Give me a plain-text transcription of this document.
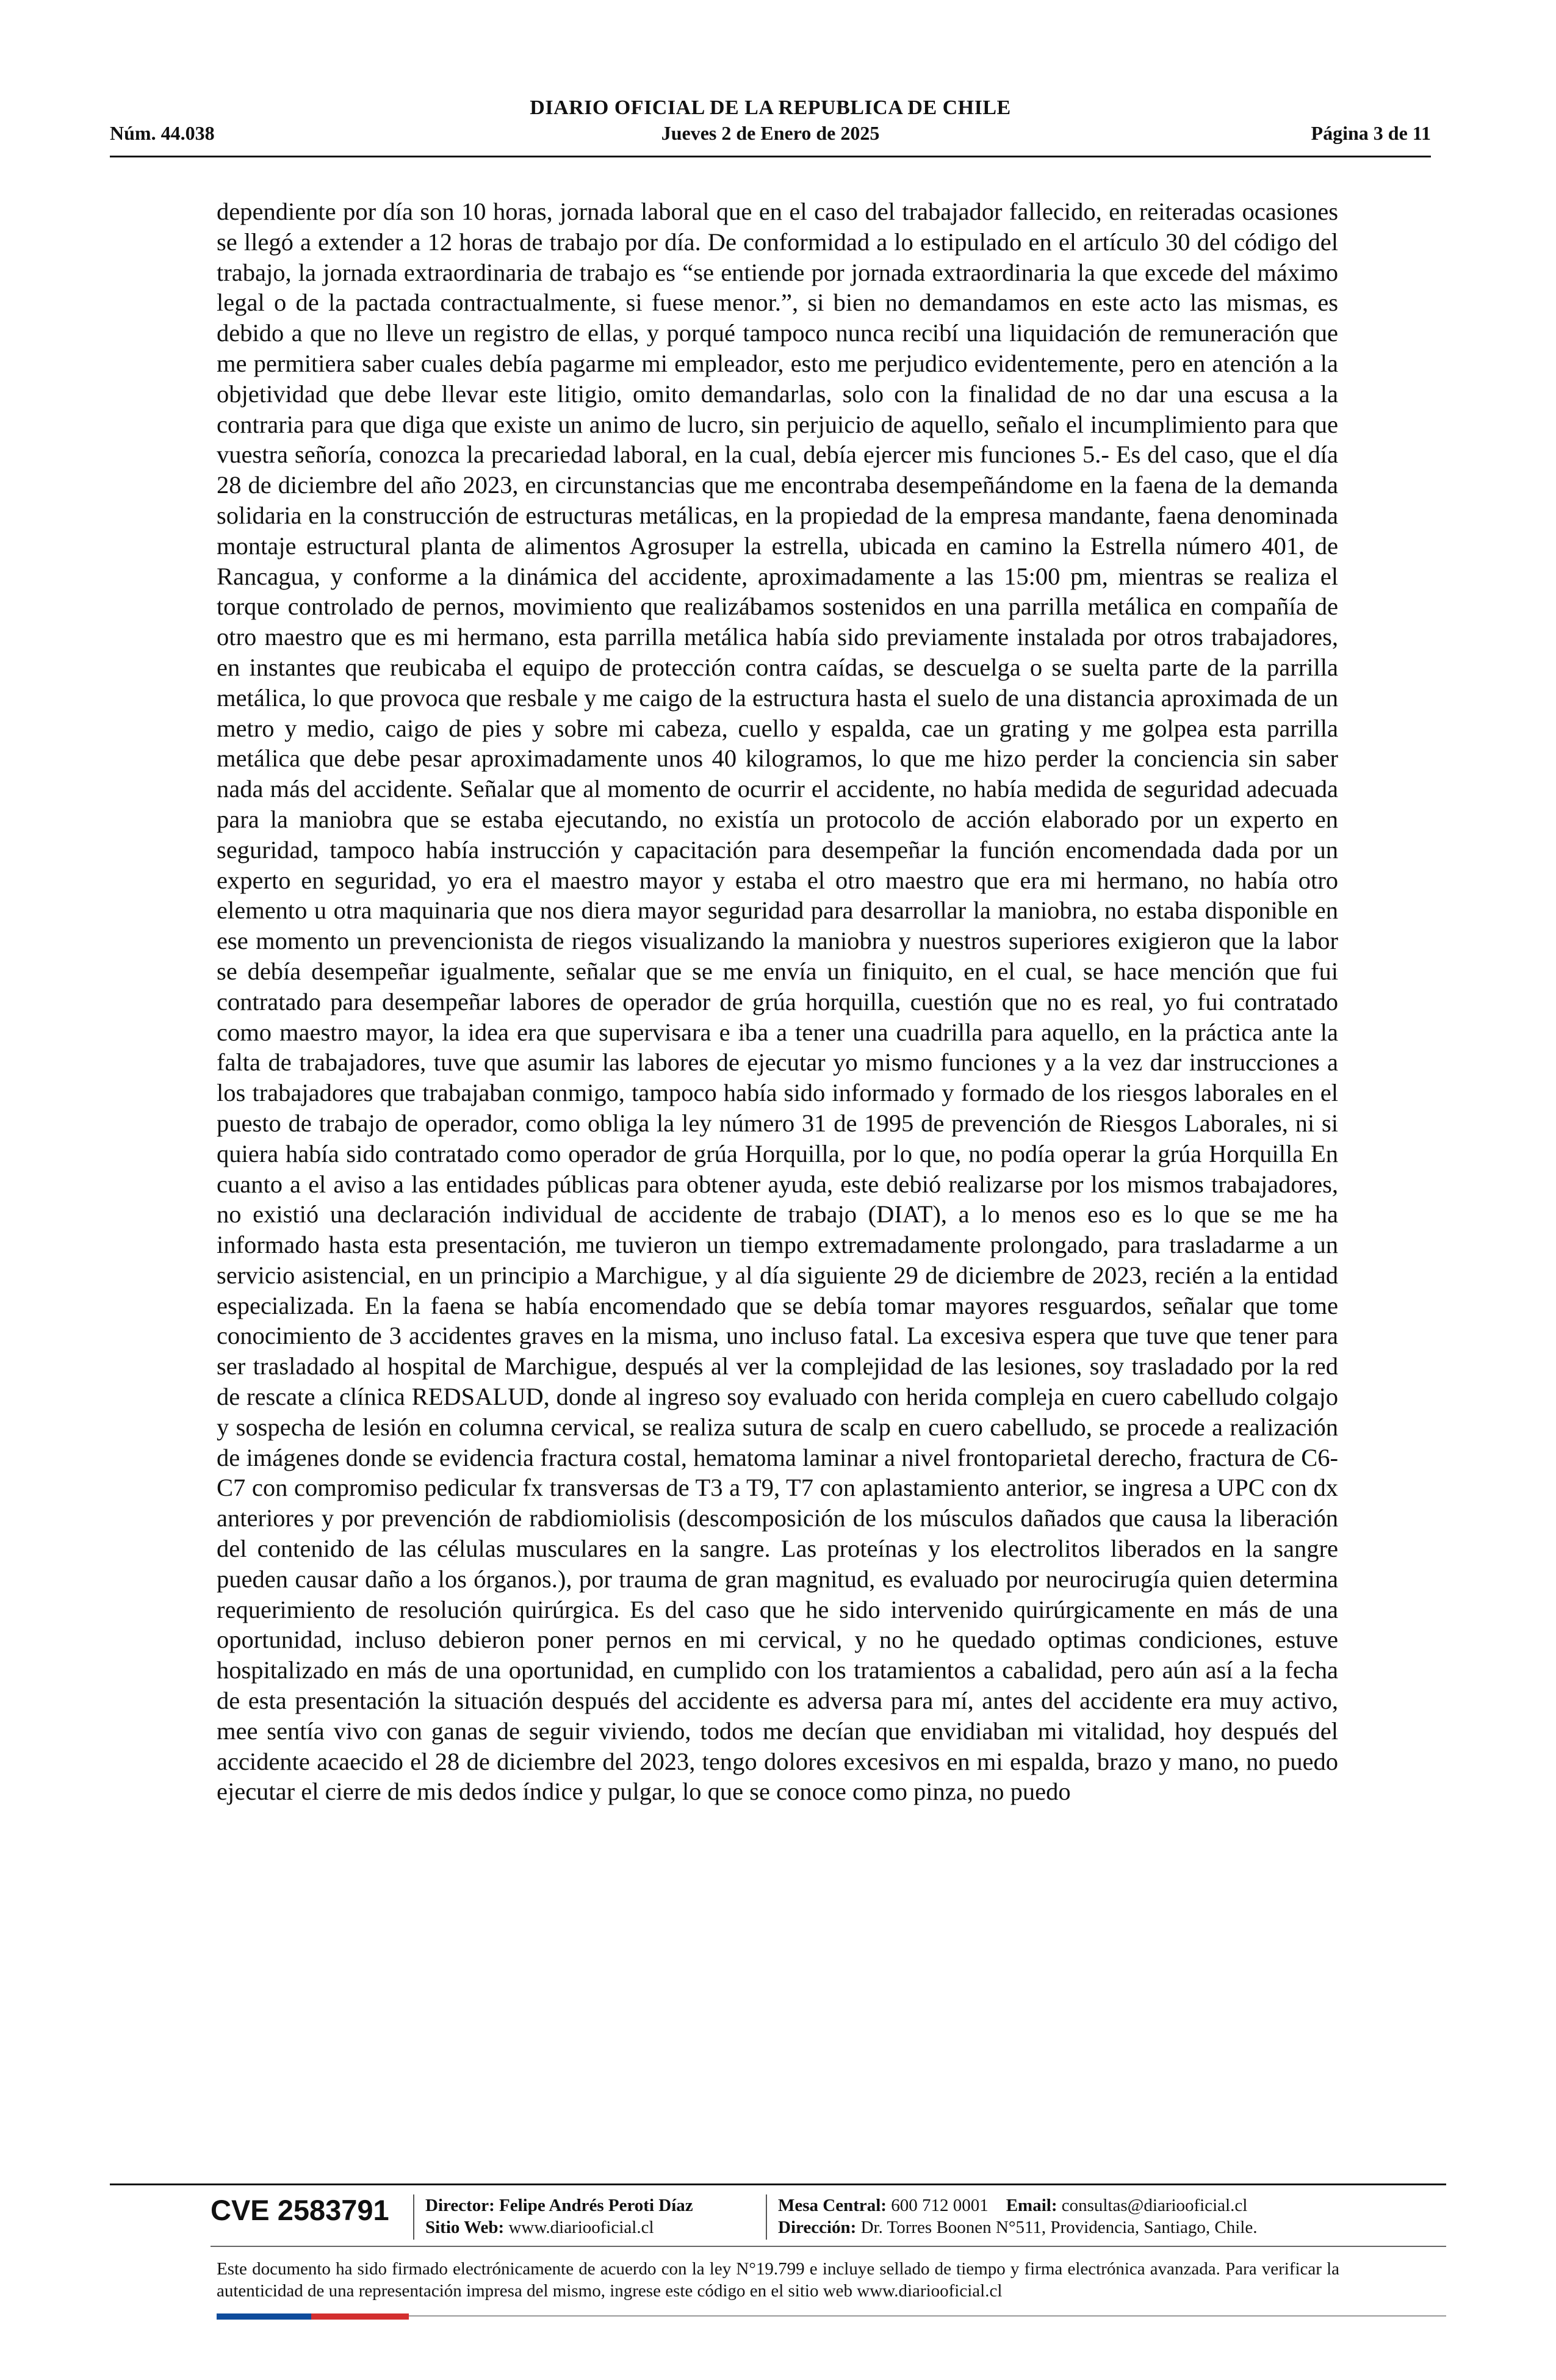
DIARIO OFICIAL DE LA REPUBLICA DE CHILE
Núm. 44.038	Jueves 2 de Enero de 2025	Página 3 de 11

dependiente por día son 10 horas, jornada laboral que en el caso del trabajador fallecido, en reiteradas ocasiones se llegó a extender a 12 horas de trabajo por día. De conformidad a lo estipulado en el artículo 30 del código del trabajo, la jornada extraordinaria de trabajo es “se entiende por jornada extraordinaria la que excede del máximo legal o de la pactada contractualmente, si fuese menor.”, si bien no demandamos en este acto las mismas, es debido a que no lleve un registro de ellas, y porqué tampoco nunca recibí una liquidación de remuneración que me permitiera saber cuales debía pagarme mi empleador, esto me perjudico evidentemente, pero en atención a la objetividad que debe llevar este litigio, omito demandarlas, solo con la finalidad de no dar una escusa a la contraria para que diga que existe un animo de lucro, sin perjuicio de aquello, señalo el incumplimiento para que vuestra señoría, conozca la precariedad laboral, en la cual, debía ejercer mis funciones 5.- Es del caso, que el día 28 de diciembre del año 2023, en circunstancias que me encontraba desempeñándome en la faena de la demanda solidaria en la construcción de estructuras metálicas, en la propiedad de la empresa mandante, faena denominada montaje estructural planta de alimentos Agrosuper la estrella, ubicada en camino la Estrella número 401, de Rancagua, y conforme a la dinámica del accidente, aproximadamente a las 15:00 pm, mientras se realiza el torque controlado de pernos, movimiento que realizábamos sostenidos en una parrilla metálica en compañía de otro maestro que es mi hermano, esta parrilla metálica había sido previamente instalada por otros trabajadores, en instantes que reubicaba el equipo de protección contra caídas, se descuelga o se suelta parte de la parrilla metálica, lo que provoca que resbale y me caigo de la estructura hasta el suelo de una distancia aproximada de un metro y medio, caigo de pies y sobre mi cabeza, cuello y espalda, cae un grating y me golpea esta parrilla metálica que debe pesar aproximadamente unos 40 kilogramos, lo que me hizo perder la conciencia sin saber nada más del accidente. Señalar que al momento de ocurrir el accidente, no había medida de seguridad adecuada para la maniobra que se estaba ejecutando, no existía un protocolo de acción elaborado por un experto en seguridad, tampoco había instrucción y capacitación para desempeñar la función encomendada dada por un experto en seguridad, yo era el maestro mayor y estaba el otro maestro que era mi hermano, no había otro elemento u otra maquinaria que nos diera mayor seguridad para desarrollar la maniobra, no estaba disponible en ese momento un prevencionista de riegos visualizando la maniobra y nuestros superiores exigieron que la labor se debía desempeñar igualmente, señalar que se me envía un finiquito, en el cual, se hace mención que fui contratado para desempeñar labores de operador de grúa horquilla, cuestión que no es real, yo fui contratado como maestro mayor, la idea era que supervisara e iba a tener una cuadrilla para aquello, en la práctica ante la falta de trabajadores, tuve que asumir las labores de ejecutar yo mismo funciones y a la vez dar instrucciones a los trabajadores que trabajaban conmigo, tampoco había sido informado y formado de los riesgos laborales en el puesto de trabajo de operador, como obliga la ley número 31 de 1995 de prevención de Riesgos Laborales, ni si quiera había sido contratado como operador de grúa Horquilla, por lo que, no podía operar la grúa Horquilla En cuanto a el aviso a las entidades públicas para obtener ayuda, este debió realizarse por los mismos trabajadores, no existió una declaración individual de accidente de trabajo (DIAT), a lo menos eso es lo que se me ha informado hasta esta presentación, me tuvieron un tiempo extremadamente prolongado, para trasladarme a un servicio asistencial, en un principio a Marchigue, y al día siguiente 29 de diciembre de 2023, recién a la entidad especializada. En la faena se había encomendado que se debía tomar mayores resguardos, señalar que tome conocimiento de 3 accidentes graves en la misma, uno incluso fatal. La excesiva espera que tuve que tener para ser trasladado al hospital de Marchigue, después al ver la complejidad de las lesiones, soy trasladado por la red de rescate a clínica REDSALUD, donde al ingreso soy evaluado con herida compleja en cuero cabelludo colgajo y sospecha de lesión en columna cervical, se realiza sutura de scalp en cuero cabelludo, se procede a realización de imágenes donde se evidencia fractura costal, hematoma laminar a nivel frontoparietal derecho, fractura de C6-C7 con compromiso pedicular fx transversas de T3 a T9, T7 con aplastamiento anterior, se ingresa a UPC con dx anteriores y por prevención de rabdiomiolisis (descomposición de los músculos dañados que causa la liberación del contenido de las células musculares en la sangre. Las proteínas y los electrolitos liberados en la sangre pueden causar daño a los órganos.), por trauma de gran magnitud, es evaluado por neurocirugía quien determina requerimiento de resolución quirúrgica. Es del caso que he sido intervenido quirúrgicamente en más de una oportunidad, incluso debieron poner pernos en mi cervical, y no he quedado optimas condiciones, estuve hospitalizado en más de una oportunidad, en cumplido con los tratamientos a cabalidad, pero aún así a la fecha de esta presentación la situación después del accidente es adversa para mí, antes del accidente era muy activo, mee sentía vivo con ganas de seguir viviendo, todos me decían que envidiaban mi vitalidad, hoy después del accidente acaecido el 28 de diciembre del 2023, tengo dolores excesivos en mi espalda, brazo y mano, no puedo ejecutar el cierre de mis dedos índice y pulgar, lo que se conoce como pinza, no puedo

CVE 2583791 Director: Felipe Andrés Peroti Díaz
Sitio Web: www.diariooficial.cl
Mesa Central: 600 712 0001 Email: consultas@diariooficial.cl
Dirección: Dr. Torres Boonen N°511, Providencia, Santiago, Chile.
Este documento ha sido firmado electrónicamente de acuerdo con la ley N°19.799 e incluye sellado de tiempo y firma electrónica avanzada. Para verificar la autenticidad de una representación impresa del mismo, ingrese este código en el sitio web www.diariooficial.cl
